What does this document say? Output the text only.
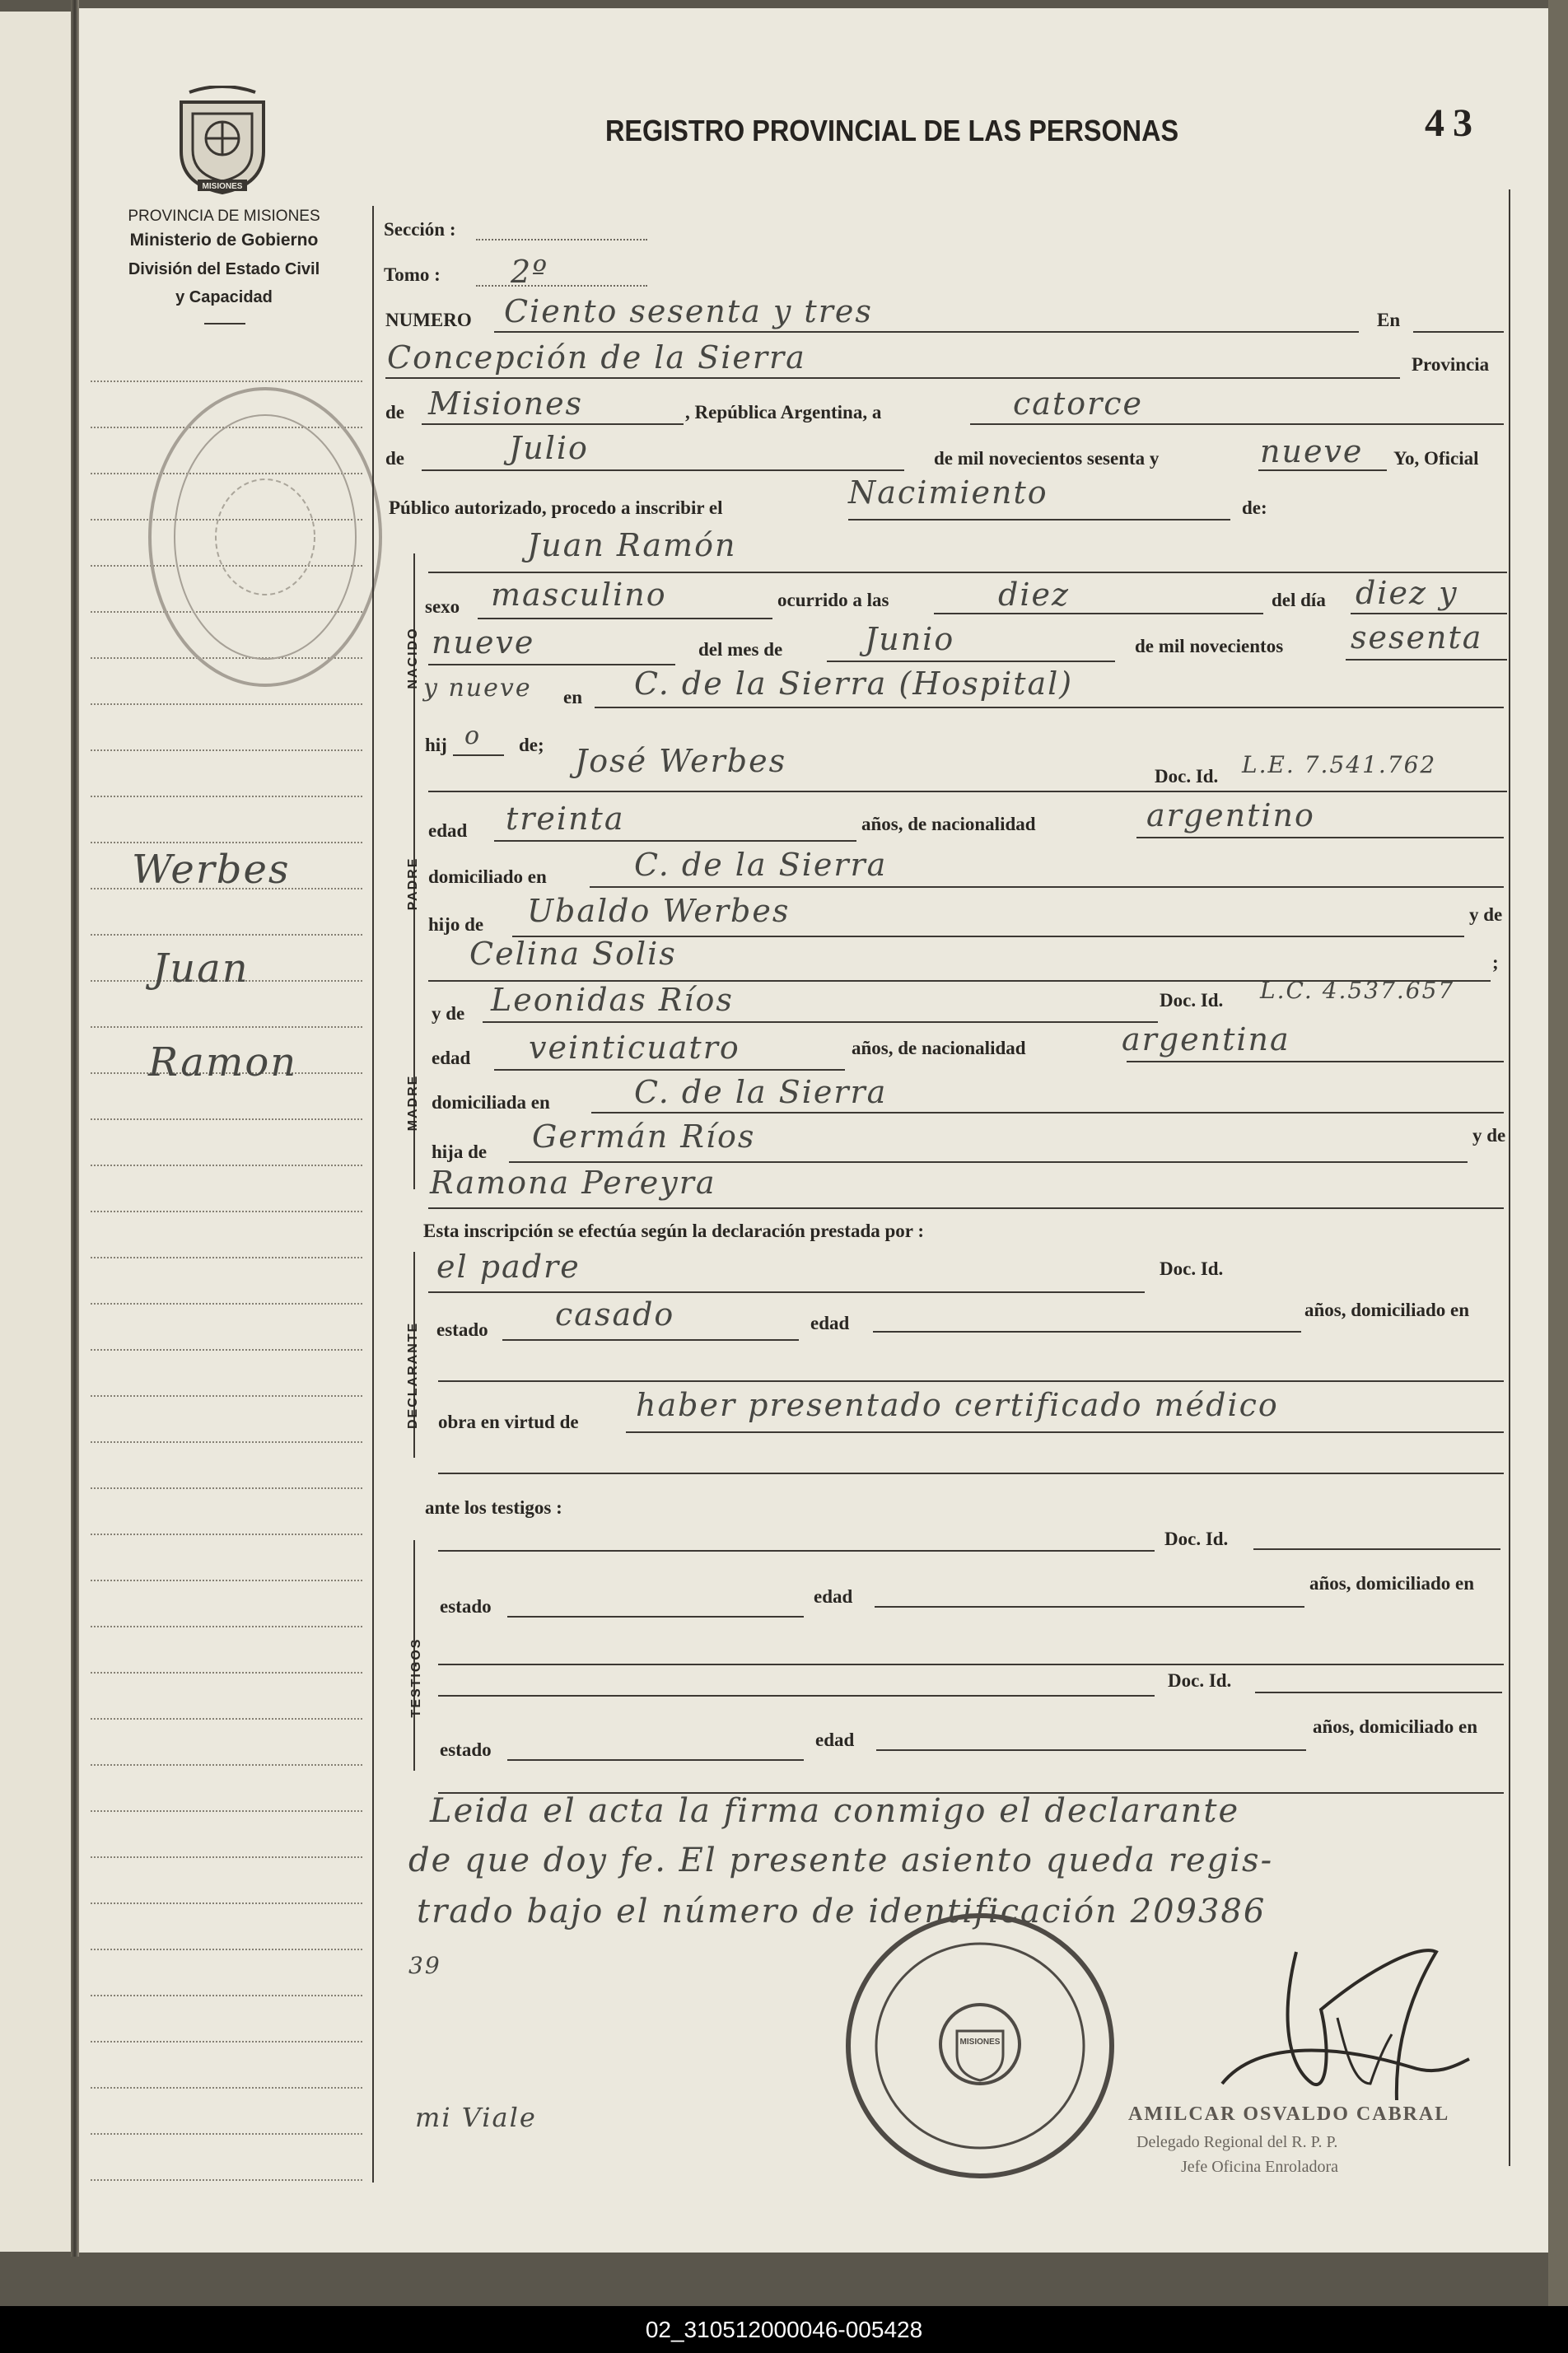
MISIONES
PROVINCIA DE MISIONES
Ministerio de Gobierno
División del Estado Civil
y Capacidad
REGISTRO PROVINCIAL DE LAS PERSONAS	43
Werbes
Juan
Ramon
Sección :
Tomo : 2º
NUMERO Ciento sesenta y tres	En
Concepción de la Sierra	Provincia
de Misiones	, República Argentina, a	catorce
de	Julio	de mil novecientos sesenta y	nueve Yo, Oficial
Público autorizado, procedo a inscribir el	Nacimiento	de:
NACIDO
Juan Ramón
sexo masculino	ocurrido a las	diez	del día diez y
nueve	del mes de	Junio	de mil novecientos sesenta
y nueve en C. de la Sierra (Hospital)
hij o de;
PADRE
José Werbes	Doc. Id. L.E. 7.541.762
edad treinta	años, de nacionalidad	argentino
domiciliado en	C. de la Sierra
hijo de Ubaldo Werbes	y de
Celina Solis	;
MADRE
y de Leonidas Ríos	Doc. Id. L.C. 4.537.657
edad veinticuatro	años, de nacionalidad	argentina
domiciliada en	C. de la Sierra
hija de Germán Ríos	y de
Ramona Pereyra
Esta inscripción se efectúa según la declaración prestada por :
DECLARANTE
el padre	Doc. Id.
estado casado	edad
años, domiciliado en
obra en virtud de haber presentado certificado médico
ante los testigos :
TESTIGOS
Doc. Id.
estado	edad
años, domiciliado en
Doc. Id.
estado	edad
años, domiciliado en
Leida el acta la firma conmigo el declarante
de que doy fe. El presente asiento queda regis-
trado bajo el número de identificación 209386
39
mi Viale
MISIONES
AMILCAR OSVALDO CABRAL
Delegado Regional del R. P. P.
Jefe Oficina Enroladora
02_310512000046-005428
